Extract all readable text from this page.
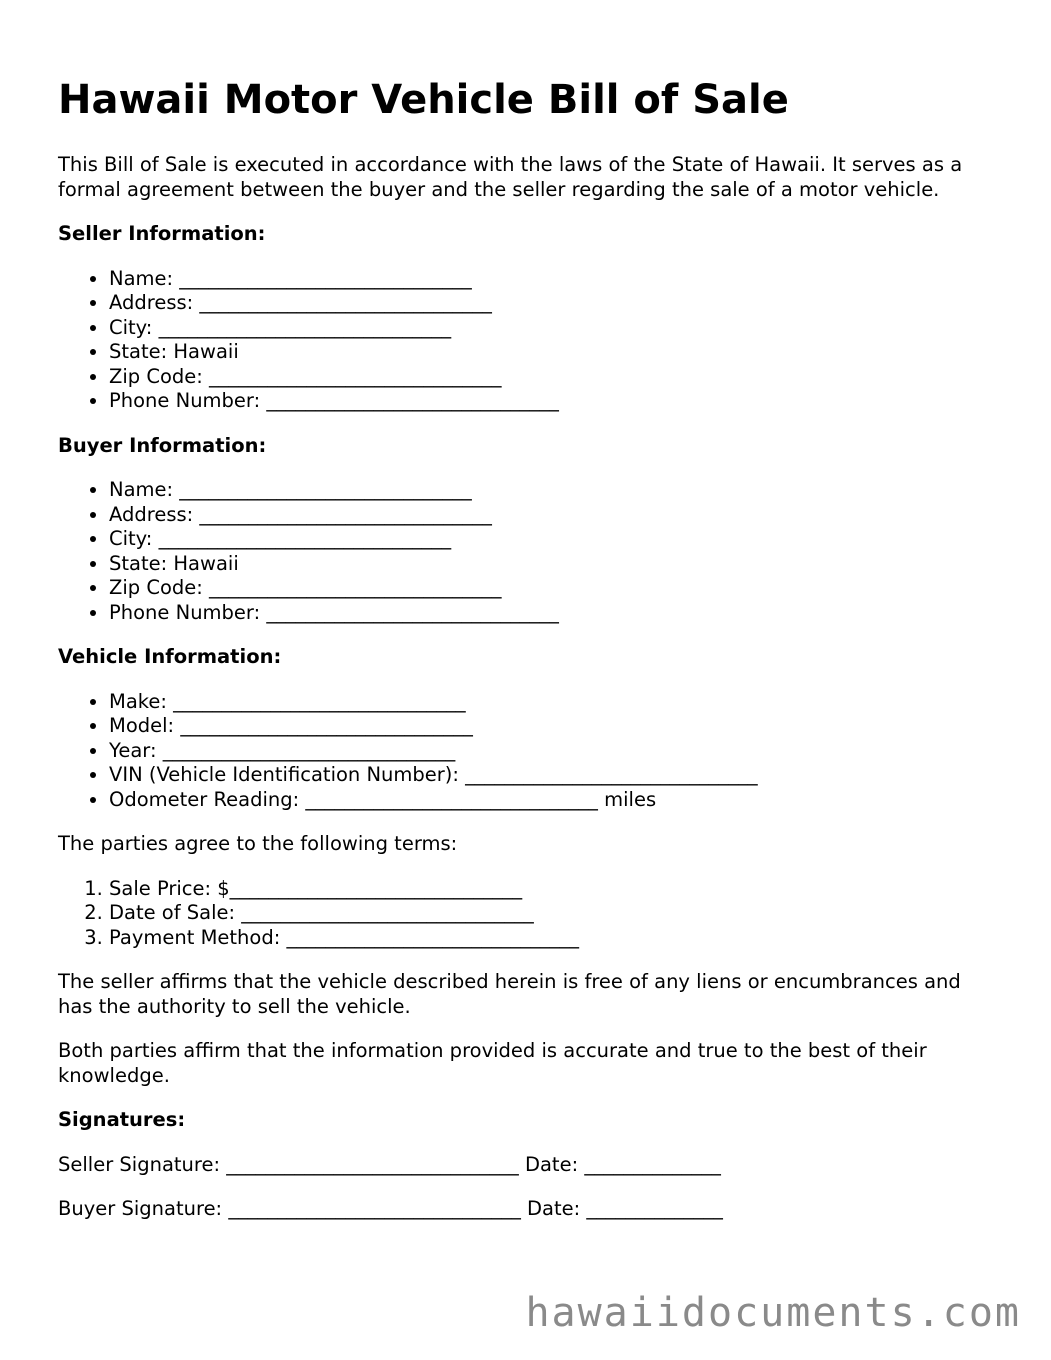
Hawaii Motor Vehicle Bill of Sale

This Bill of Sale is executed in accordance with the laws of the State of Hawaii. It serves as a formal agreement between the buyer and the seller regarding the sale of a motor vehicle.

Seller Information:

• Name: ______________________________
• Address: ______________________________
• City: ______________________________
• State: Hawaii
• Zip Code: ______________________________
• Phone Number: ______________________________

Buyer Information:

• Name: ______________________________
• Address: ______________________________
• City: ______________________________
• State: Hawaii
• Zip Code: ______________________________
• Phone Number: ______________________________

Vehicle Information:

• Make: ______________________________
• Model: ______________________________
• Year: ______________________________
• VIN (Vehicle Identification Number): ______________________________
• Odometer Reading: ______________________________ miles

The parties agree to the following terms:

1. Sale Price: $______________________________
2. Date of Sale: ______________________________
3. Payment Method: ______________________________

The seller affirms that the vehicle described herein is free of any liens or encumbrances and has the authority to sell the vehicle.

Both parties affirm that the information provided is accurate and true to the best of their knowledge.

Signatures:

Seller Signature: ______________________________ Date: ______________

Buyer Signature: ______________________________ Date: ______________

hawaiidocuments.com
